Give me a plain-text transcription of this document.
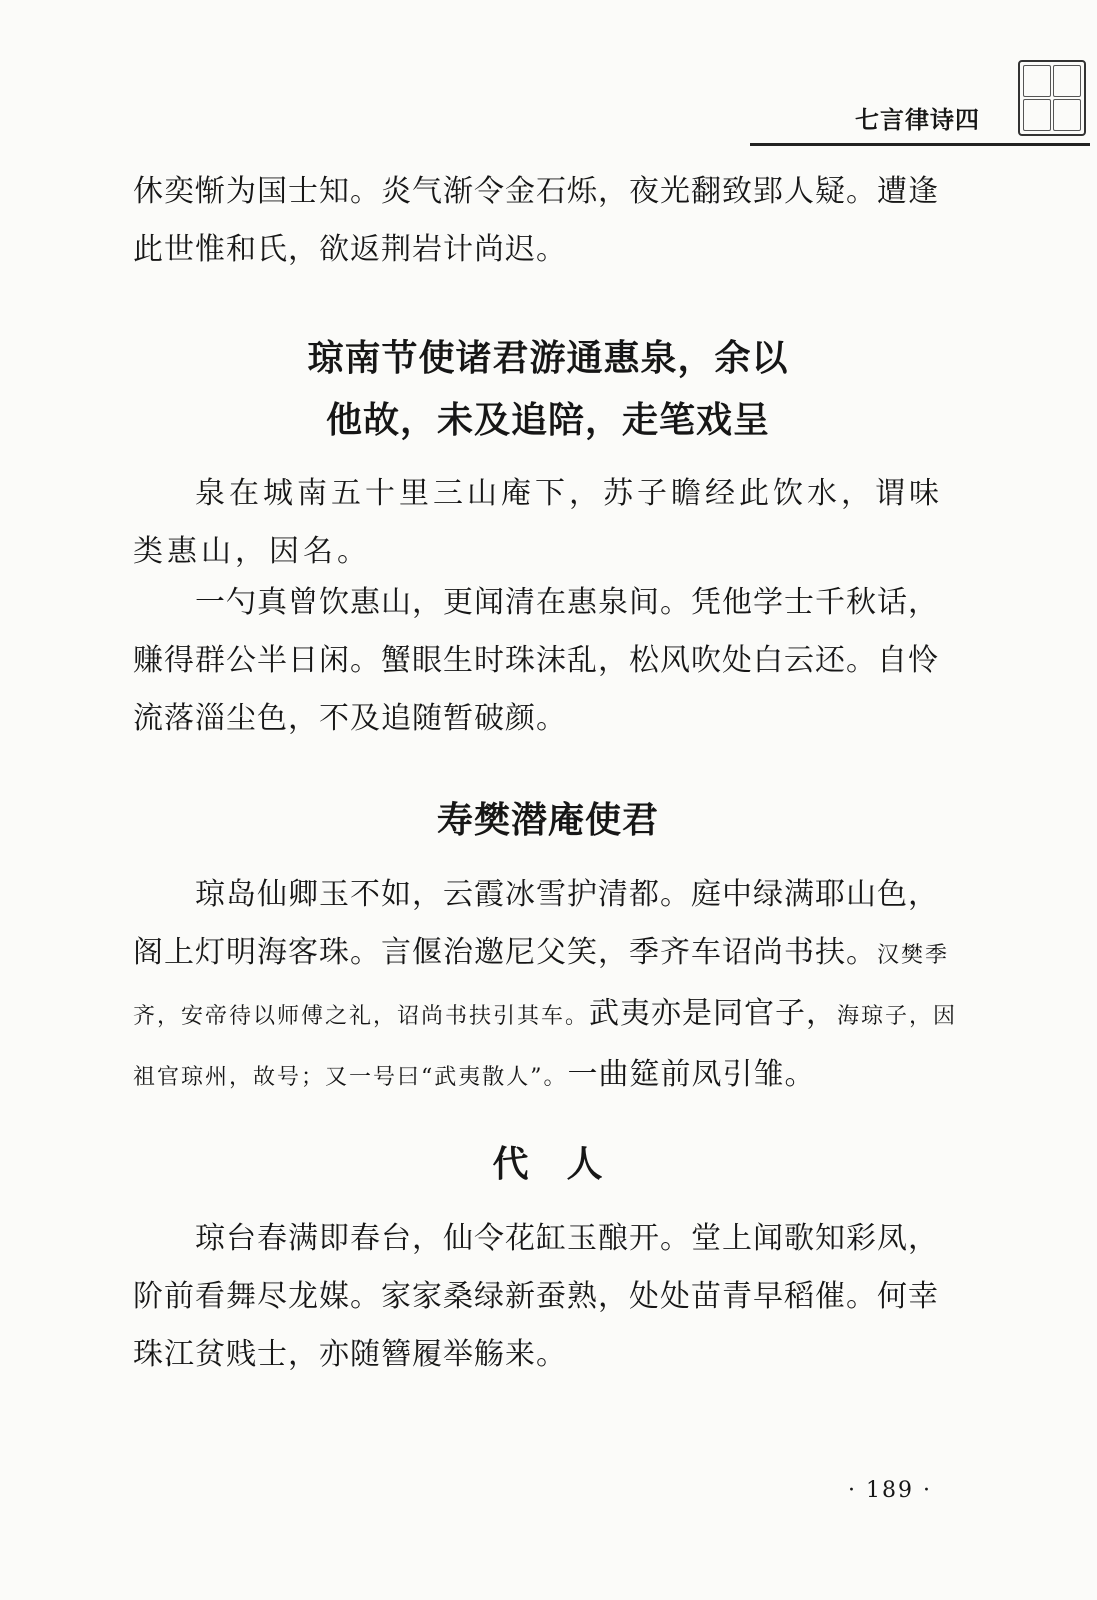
七言律诗四

休奕惭为国士知。炎气渐令金石烁，夜光翻致郢人疑。遭逢此世惟和氏，欲返荆岩计尚迟。

琼南节使诸君游通惠泉，余以
他故，未及追陪，走笔戏呈

泉在城南五十里三山庵下，苏子瞻经此饮水，谓味类惠山，因名。

一勺真曾饮惠山，更闻清在惠泉间。凭他学士千秋话，赚得群公半日闲。蟹眼生时珠沫乱，松风吹处白云还。自怜流落淄尘色，不及追随暂破颜。

寿樊潜庵使君

琼岛仙卿玉不如，云霞冰雪护清都。庭中绿满耶山色，阁上灯明海客珠。言偃治邀尼父笑，季齐车诏尚书扶。汉樊季齐，安帝待以师傅之礼，诏尚书扶引其车。武夷亦是同官子，海琼子，因祖官琼州，故号；又一号曰“武夷散人”。一曲筵前凤引雏。

代　人

琼台春满即春台，仙令花缸玉酿开。堂上闻歌知彩凤，阶前看舞尽龙媒。家家桑绿新蚕熟，处处苗青早稻催。何幸珠江贫贱士，亦随簪履举觞来。

· 189 ·
